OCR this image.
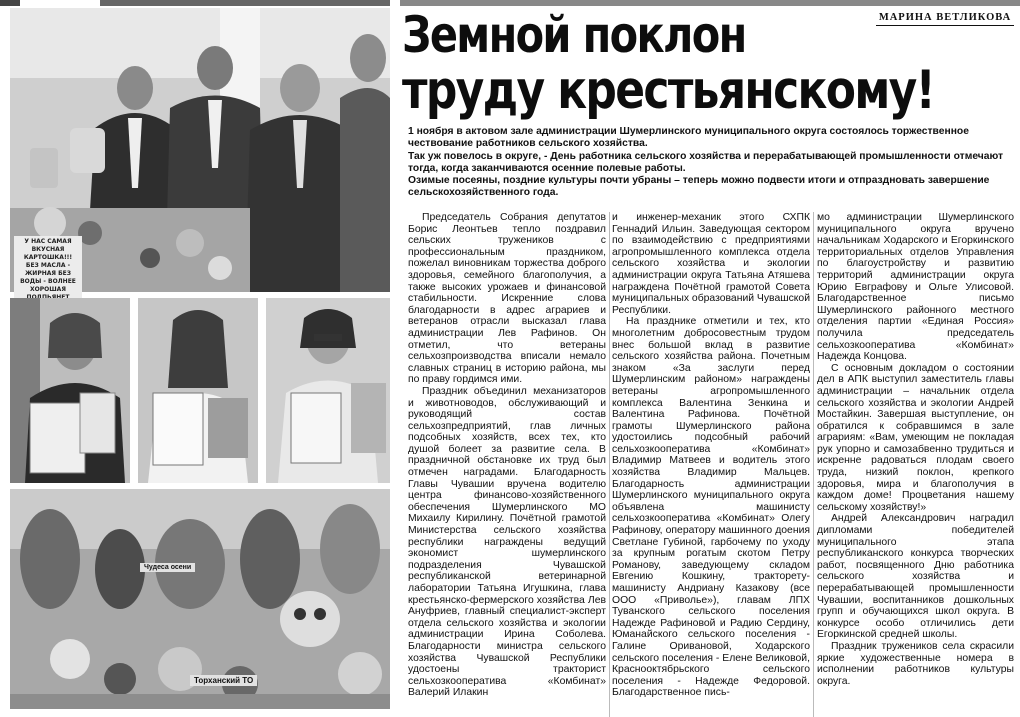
У НАС САМАЯ ВКУСНАЯ КАРТОШКА!!! БЕЗ МАСЛА - ЖИРНАЯ БЕЗ ВОДЫ - ВОЛНЕЕ ХОРОШАЯ
Чудеса осени
Торханский ТО
МАРИНА ВЕТЛИКОВА
Земной поклон
труду крестьянскому!

1 ноября в актовом зале администрации Шумерлинского муниципального округа состоялось торжественное чествование работников сельского хозяйства.

Так уж повелось в округе, - День работника сельского хозяйства и перерабатывающей промышленности отмечают тогда, когда заканчиваются осенние полевые работы.

Озимые посеяны, поздние культуры почти убраны – теперь можно подвести итоги и отпраздновать завершение сельскохозяйственного года.

Председатель Собрания депутатов Борис Леонтьев тепло поздравил сельских тружеников с профессиональным праздником, пожелал виновникам торжества доброго здоровья, семейного благополучия, а также высоких урожаев и финансовой стабильности. Искренние слова благодарности в адрес аграриев и ветеранов отрасли высказал глава администрации Лев Рафинов. Он отметил, что ветераны сельхозпроизводства вписали немало славных страниц в историю района, мы по праву гордимся ими.

Праздник объединил механизаторов и животноводов, обслуживающий и руководящий состав сельхозпредприятий, глав личных подсобных хозяйств, всех тех, кто душой болеет за развитие села. В праздничной обстановке их труд был отмечен наградами. Благодарность Главы Чувашии вручена водителю центра финансово-хозяйственного обеспечения Шумерлинского МО Михаилу Кирилину. Почётной грамотой Министерства сельского хозяйства республики награждены ведущий экономист шумерлинского подразделения Чувашской республиканской ветеринарной лаборатории Татьяна Игушкина, глава крестьянско-фермерского хозяйства Лев Ануфриев, главный специалист-эксперт отдела сельского хозяйства и экологии администрации Ирина Соболева. Благодарности министра сельского хозяйства Чувашской Республики удостоены тракторист сельхозкооператива «Комбинат» Валерий Илакин

и инженер-механик этого СХПК Геннадий Ильин. Заведующая сектором по взаимодействию с предприятиями агропромышленного комплекса отдела сельского хозяйства и экологии администрации округа Татьяна Атяшева награждена Почётной грамотой Совета муниципальных образований Чувашской Республики.

На празднике отметили и тех, кто многолетним добросовестным трудом внес большой вклад в развитие сельского хозяйства района. Почетным знаком «За заслуги перед Шумерлинским районом» награждены ветераны агропромышленного комплекса Валентина Зенкина и Валентина Рафинова. Почётной грамоты Шумерлинского района удостоились подсобный рабочий сельхозкооператива «Комбинат» Владимир Матвеев и водитель этого хозяйства Владимир Мальцев. Благодарность администрации Шумерлинского муниципального округа объявлена машинисту сельхозкооператива «Комбинат» Олегу Рафинову, оператору машинного доения Светлане Губиной, гарбочему по уходу за крупным рогатым скотом Петру Романову, заведующему складом Евгению Кошкину, тракторету-машинисту Андриану Казакову (все ООО «Приволье»), главам ЛПХ Туванского сельского поселения Надежде Рафиновой и Радию Сердину, Юманайского сельского поселения - Галине Ориванoвой, Ходарского сельского поселения - Елене Великовой, Красноoктябрьского сельского поселения - Надежде Федоровой. Благодарственное пись-

мо администрации Шумерлинского муниципального округа вручено начальникам Ходарского и Егоркинского территориальных отделов Управления по благоустройству и развитию территорий администрации округа Юрию Евграфову и Ольге Улисовой. Благодарственное письмо Шумерлинского районного местного отделения партии «Единая Россия» получила председатель сельхозкооператива «Комбинат» Надежда Концова.

С основным докладом о состоянии дел в АПК выступил заместитель главы администрации – начальник отдела сельского хозяйства и экологии Андрей Мостайкин. Завершая выступление, он обратился к собравшимся в зале аграриям: «Вам, умеющим не покладая рук упорно и самозабвенно трудиться и искренне радоваться плодам своего труда, низкий поклон, крепкого здоровья, мира и благополучия в каждом доме! Процветания нашему сельскому хозяйству!»

Андрей Александрович наградил дипломами победителей муниципального этапа республиканского конкурса творческих работ, посвященного Дню работника сельского хозяйства и перерабатывающей промышленности Чувашии, воспитанников дошкольных групп и обучающихся школ округа. В конкурсе особо отличились дети Егоркинской средней школы.

Праздник тружеников села скрасили яркие художественные номера в исполнении работников культуры округа.
